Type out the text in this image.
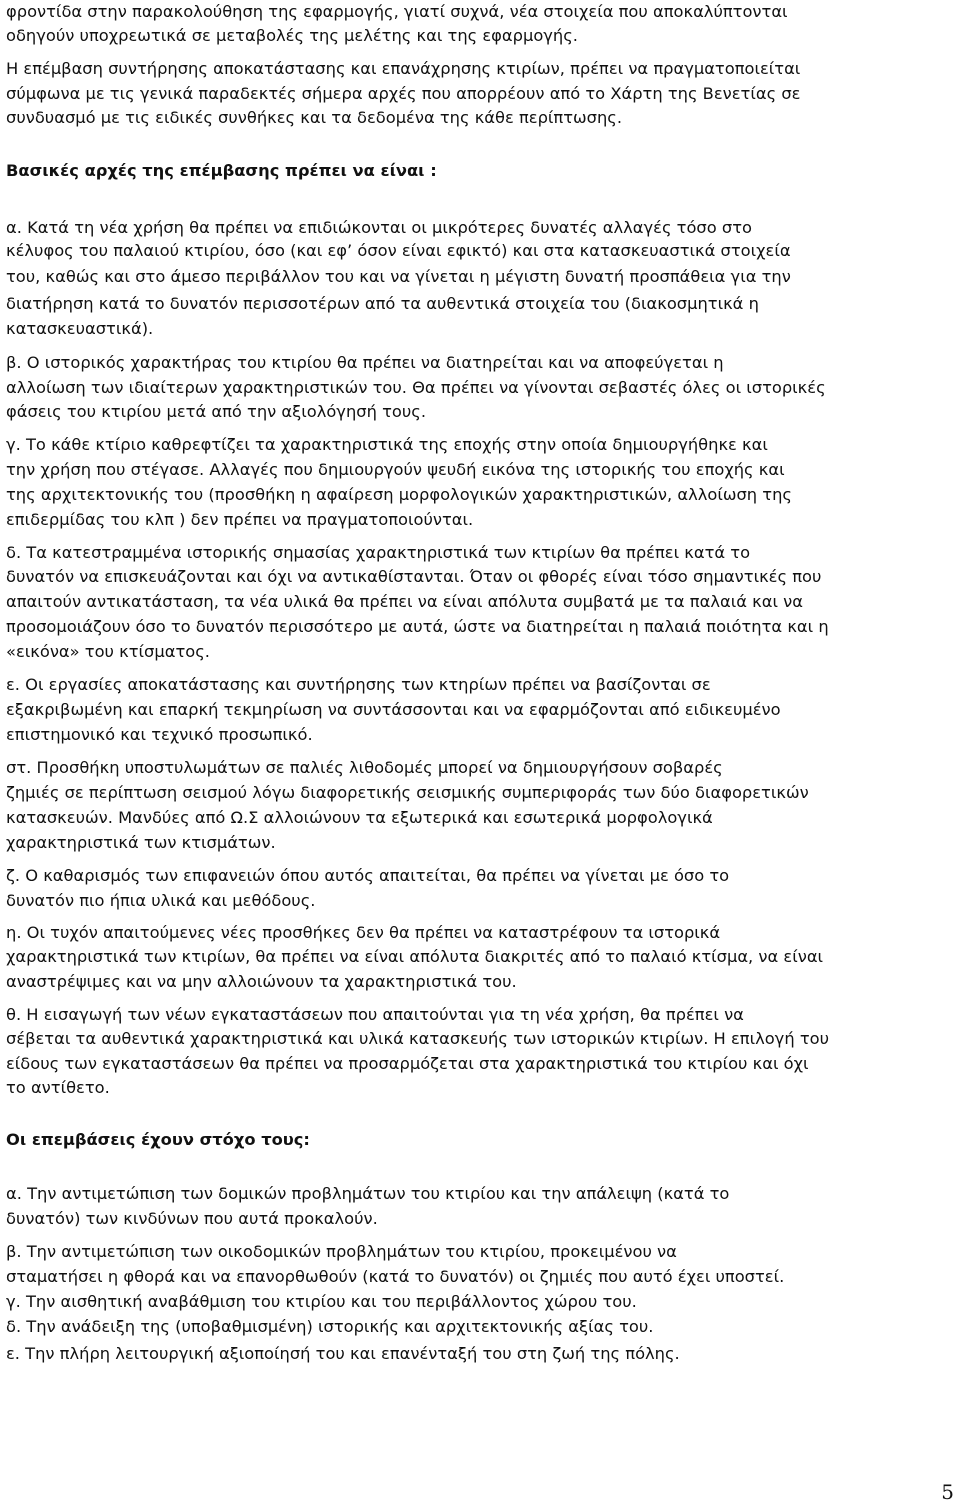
φροντίδα στην παρακολούθηση της εφαρμογής, γιατί συχνά, νέα στοιχεία που αποκαλύπτονται
οδηγούν υποχρεωτικά σε μεταβολές της μελέτης και της εφαρμογής.
Η επέμβαση συντήρησης αποκατάστασης και επανάχρησης κτιρίων, πρέπει να πραγματοποιείται
σύμφωνα με τις γενικά παραδεκτές σήμερα αρχές που απορρέουν από το Χάρτη της Βενετίας σε
συνδυασμό με τις ειδικές συνθήκες και τα δεδομένα της κάθε περίπτωσης.
Βασικές αρχές της επέμβασης πρέπει να είναι :
α. Κατά τη νέα χρήση θα πρέπει να επιδιώκονται οι μικρότερες δυνατές αλλαγές τόσο στο
κέλυφος του παλαιού κτιρίου, όσο (και εφ’ όσον είναι εφικτό) και στα κατασκευαστικά στοιχεία
του, καθώς και στο άμεσο περιβάλλον του και να γίνεται η μέγιστη δυνατή προσπάθεια για την
διατήρηση κατά το δυνατόν περισσοτέρων από τα αυθεντικά στοιχεία του (διακοσμητικά η
κατασκευαστικά).
β. Ο ιστορικός χαρακτήρας του κτιρίου θα πρέπει να διατηρείται και να αποφεύγεται η
αλλοίωση των ιδιαίτερων χαρακτηριστικών του. Θα πρέπει να γίνονται σεβαστές όλες οι ιστορικές
φάσεις του κτιρίου μετά από την αξιολόγησή τους.
γ. Το κάθε κτίριο καθρεφτίζει τα χαρακτηριστικά της εποχής στην οποία δημιουργήθηκε και
την χρήση που στέγασε. Αλλαγές που δημιουργούν ψευδή εικόνα της ιστορικής του εποχής και
της αρχιτεκτονικής του (προσθήκη η αφαίρεση μορφολογικών χαρακτηριστικών, αλλοίωση της
επιδερμίδας του κλπ ) δεν πρέπει να πραγματοποιούνται.
δ. Τα κατεστραμμένα ιστορικής σημασίας χαρακτηριστικά των κτιρίων θα πρέπει κατά το
δυνατόν να επισκευάζονται και όχι να αντικαθίστανται. Όταν οι φθορές είναι τόσο σημαντικές που
απαιτούν αντικατάσταση, τα νέα υλικά θα πρέπει να είναι απόλυτα συμβατά με τα παλαιά και να
προσομοιάζουν όσο το δυνατόν περισσότερο με αυτά, ώστε να διατηρείται η παλαιά ποιότητα και η
«εικόνα» του κτίσματος.
ε. Οι εργασίες αποκατάστασης και συντήρησης των κτηρίων πρέπει να βασίζονται σε
εξακριβωμένη και επαρκή τεκμηρίωση να συντάσσονται και να εφαρμόζονται από ειδικευμένο
επιστημονικό και τεχνικό προσωπικό.
στ. Προσθήκη υποστυλωμάτων σε παλιές λιθοδομές μπορεί να δημιουργήσουν σοβαρές
ζημιές σε περίπτωση σεισμού λόγω διαφορετικής σεισμικής συμπεριφοράς των δύο διαφορετικών
κατασκευών. Μανδύες από Ω.Σ αλλοιώνουν τα εξωτερικά και εσωτερικά μορφολογικά
χαρακτηριστικά των κτισμάτων.
ζ. Ο καθαρισμός των επιφανειών όπου αυτός απαιτείται, θα πρέπει να γίνεται με όσο το
δυνατόν πιο ήπια υλικά και μεθόδους.
η. Οι τυχόν απαιτούμενες νέες προσθήκες δεν θα πρέπει να καταστρέφουν τα ιστορικά
χαρακτηριστικά των κτιρίων, θα πρέπει να είναι απόλυτα διακριτές από το παλαιό κτίσμα, να είναι
αναστρέψιμες και να μην αλλοιώνουν τα χαρακτηριστικά του.
θ. Η εισαγωγή των νέων εγκαταστάσεων που απαιτούνται για τη νέα χρήση, θα πρέπει να
σέβεται τα αυθεντικά χαρακτηριστικά και υλικά κατασκευής των ιστορικών κτιρίων. Η επιλογή του
είδους των εγκαταστάσεων θα πρέπει να προσαρμόζεται στα χαρακτηριστικά του κτιρίου και όχι
το αντίθετο.
Οι επεμβάσεις έχουν στόχο τους:
α. Την αντιμετώπιση των δομικών προβλημάτων του κτιρίου και την απάλειψη (κατά το
δυνατόν) των κινδύνων που αυτά προκαλούν.
β. Την αντιμετώπιση των οικοδομικών προβλημάτων του κτιρίου, προκειμένου να
σταματήσει η φθορά και να επανορθωθούν (κατά το δυνατόν) οι ζημιές που αυτό έχει υποστεί.
γ. Την αισθητική αναβάθμιση του κτιρίου και του περιβάλλοντος χώρου του.
δ. Την ανάδειξη της (υποβαθμισμένη) ιστορικής και αρχιτεκτονικής αξίας του.
ε. Την πλήρη λειτουργική αξιοποίησή του και επανένταξή του στη ζωή της πόλης.
5
